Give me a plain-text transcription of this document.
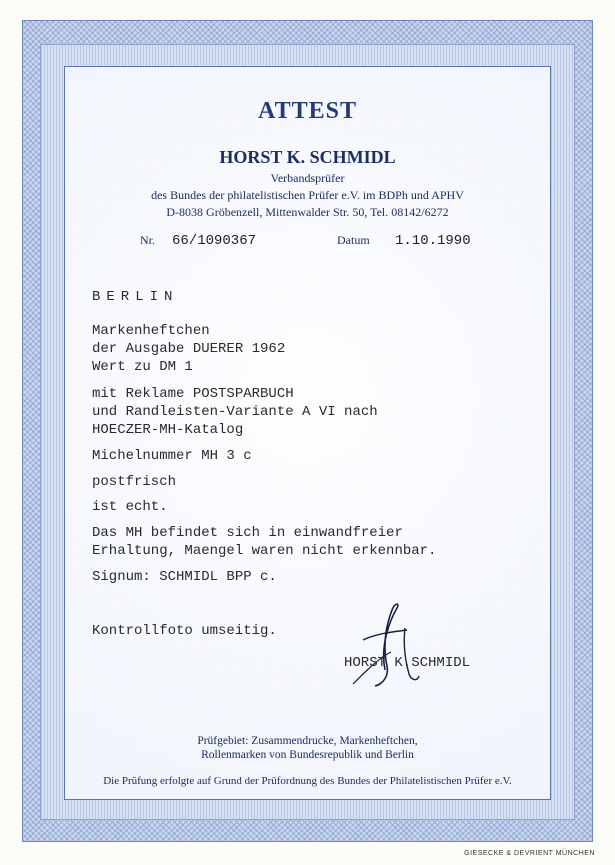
ATTEST
HORST K. SCHMIDL
Verbandsprüfer
des Bundes der philatelistischen Prüfer e.V. im BDPh und APHV
D-8038 Gröbenzell, Mittenwalder Str. 50, Tel. 08142/6272
Nr. 66/1090367	Datum 1.10.1990
BERLIN
Markenheftchen
der Ausgabe DUERER 1962
Wert zu DM 1
mit Reklame POSTSPARBUCH
und Randleisten-Variante A VI nach
HOECZER-MH-Katalog
Michelnummer MH 3 c
postfrisch
ist echt.
Das MH befindet sich in einwandfreier
Erhaltung, Maengel waren nicht erkennbar.
Signum: SCHMIDL BPP c.
Kontrollfoto umseitig.
HORST K.SCHMIDL
Prüfgebiet: Zusammendrucke, Markenheftchen,
Rollenmarken von Bundesrepublik und Berlin
Die Prüfung erfolgte auf Grund der Prüfordnung des Bundes der Philatelistischen Prüfer e.V.
GIESECKE & DEVRIENT MÜNCHEN
